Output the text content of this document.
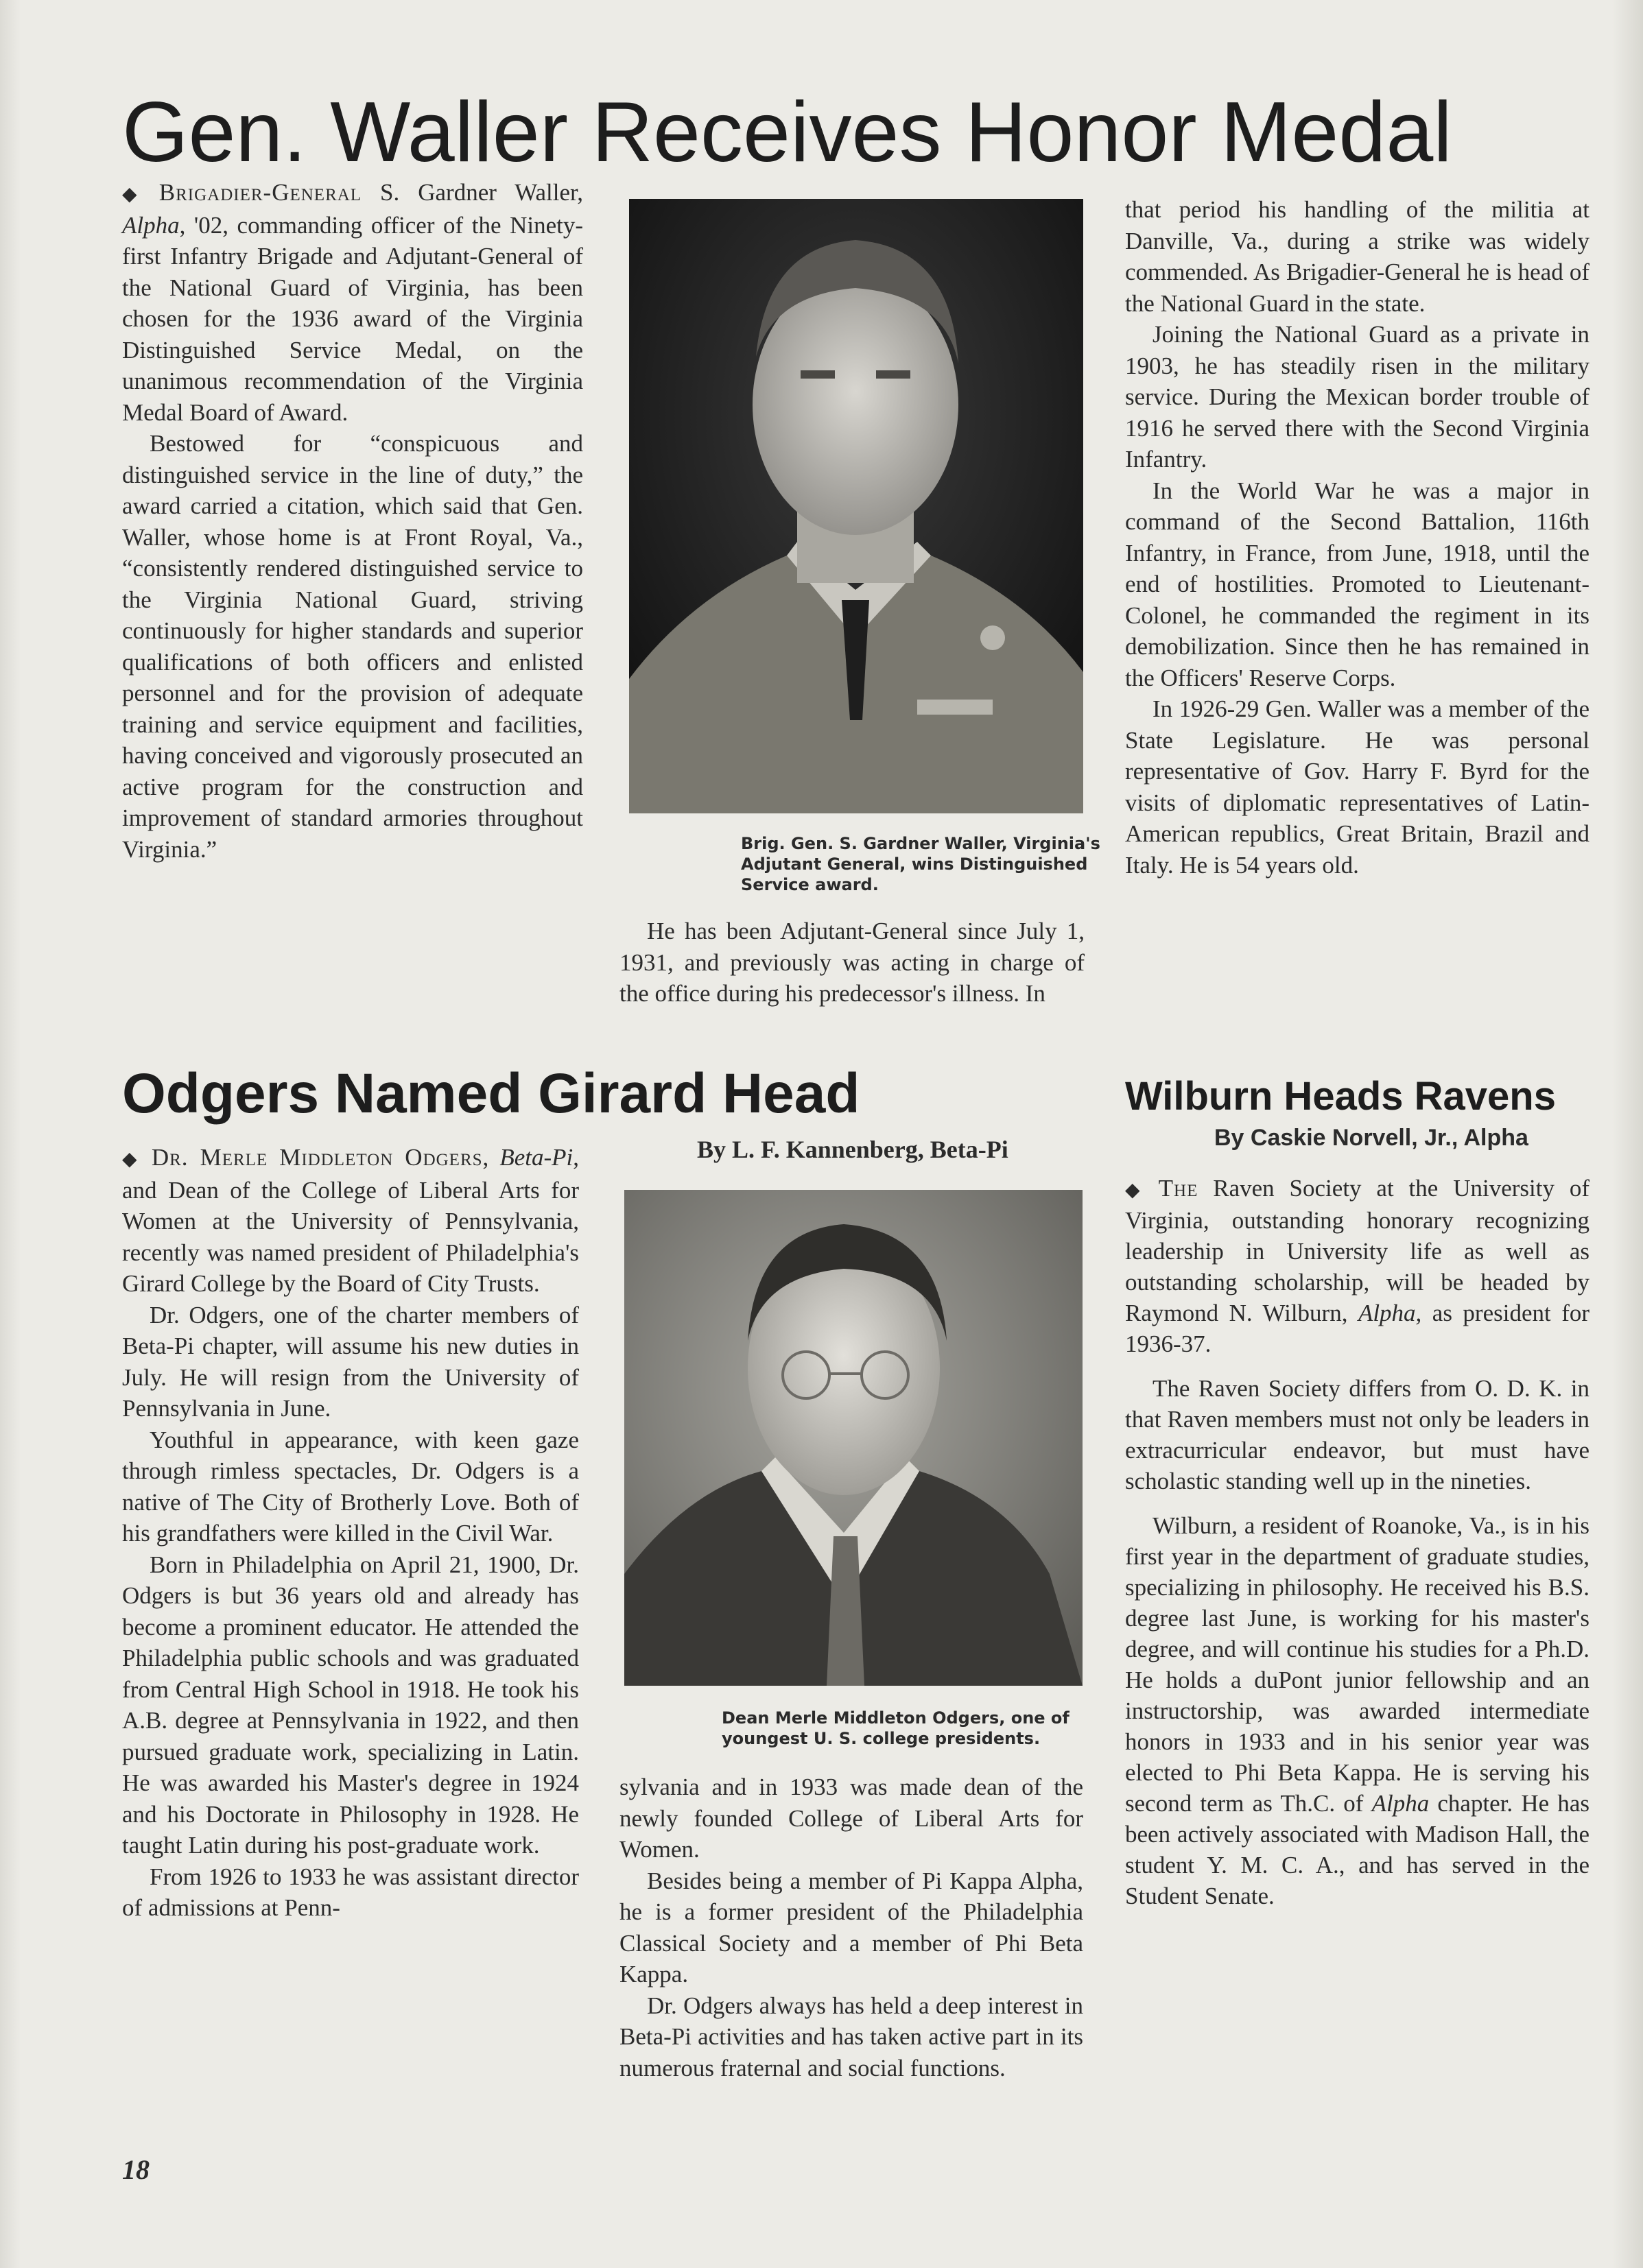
Gen. Waller Receives Honor Medal

◆ Brigadier-General S. Gardner Waller, Alpha, '02, commanding officer of the Ninety-first Infantry Brigade and Adjutant-General of the National Guard of Virginia, has been chosen for the 1936 award of the Virginia Distinguished Service Medal, on the unanimous recommendation of the Virginia Medal Board of Award.

Bestowed for “conspicuous and distinguished service in the line of duty,” the award carried a citation, which said that Gen. Waller, whose home is at Front Royal, Va., “consistently rendered distinguished service to the Virginia National Guard, striving continuously for higher standards and superior qualifications of both officers and enlisted personnel and for the provision of adequate training and service equipment and facilities, having conceived and vigorously prosecuted an active program for the construction and improvement of standard armories throughout Virginia.”	Brig. Gen. S. Gardner Waller, Virginia's Adjutant General, wins Distinguished Service award.

He has been Adjutant-General since July 1, 1931, and previously was acting in charge of the office during his predecessor's illness. In

that period his handling of the militia at Danville, Va., during a strike was widely commended. As Brigadier-General he is head of the National Guard in the state.

Joining the National Guard as a private in 1903, he has steadily risen in the military service. During the Mexican border trouble of 1916 he served there with the Second Virginia Infantry.

In the World War he was a major in command of the Second Battalion, 116th Infantry, in France, from June, 1918, until the end of hostilities. Promoted to Lieutenant-Colonel, he commanded the regiment in its demobilization. Since then he has remained in the Officers' Reserve Corps.

In 1926-29 Gen. Waller was a member of the State Legislature. He was personal representative of Gov. Harry F. Byrd for the visits of diplomatic representatives of Latin-American republics, Great Britain, Brazil and Italy. He is 54 years old.

Odgers Named Girard Head
By L. F. Kannenberg, Beta-Pi

◆ Dr. Merle Middleton Odgers, Beta-Pi, and Dean of the College of Liberal Arts for Women at the University of Pennsylvania, recently was named president of Philadelphia's Girard College by the Board of City Trusts.

Dr. Odgers, one of the charter members of Beta-Pi chapter, will assume his new duties in July. He will resign from the University of Pennsylvania in June.

Youthful in appearance, with keen gaze through rimless spectacles, Dr. Odgers is a native of The City of Brotherly Love. Both of his grandfathers were killed in the Civil War.

Born in Philadelphia on April 21, 1900, Dr. Odgers is but 36 years old and already has become a prominent educator. He attended the Philadelphia public schools and was graduated from Central High School in 1918. He took his A.B. degree at Pennsylvania in 1922, and then pursued graduate work, specializing in Latin. He was awarded his Master's degree in 1924 and his Doctorate in Philosophy in 1928. He taught Latin during his post-graduate work.

From 1926 to 1933 he was assistant director of admissions at Penn-

Dean Merle Middleton Odgers, one of youngest U. S. college presidents.

sylvania and in 1933 was made dean of the newly founded College of Liberal Arts for Women.

Besides being a member of Pi Kappa Alpha, he is a former president of the Philadelphia Classical Society and a member of Phi Beta Kappa.

Dr. Odgers always has held a deep interest in Beta-Pi activities and has taken active part in its numerous fraternal and social functions.

Wilburn Heads Ravens
By Caskie Norvell, Jr., Alpha

◆ The Raven Society at the University of Virginia, outstanding honorary recognizing leadership in University life as well as outstanding scholarship, will be headed by Raymond N. Wilburn, Alpha, as president for 1936-37.

The Raven Society differs from O. D. K. in that Raven members must not only be leaders in extracurricular endeavor, but must have scholastic standing well up in the nineties.

Wilburn, a resident of Roanoke, Va., is in his first year in the department of graduate studies, specializing in philosophy. He received his B.S. degree last June, is working for his master's degree, and will continue his studies for a Ph.D. He holds a duPont junior fellowship and an instructorship, was awarded intermediate honors in 1933 and in his senior year was elected to Phi Beta Kappa. He is serving his second term as Th.C. of Alpha chapter. He has been actively associated with Madison Hall, the student Y. M. C. A., and has served in the Student Senate.

18
